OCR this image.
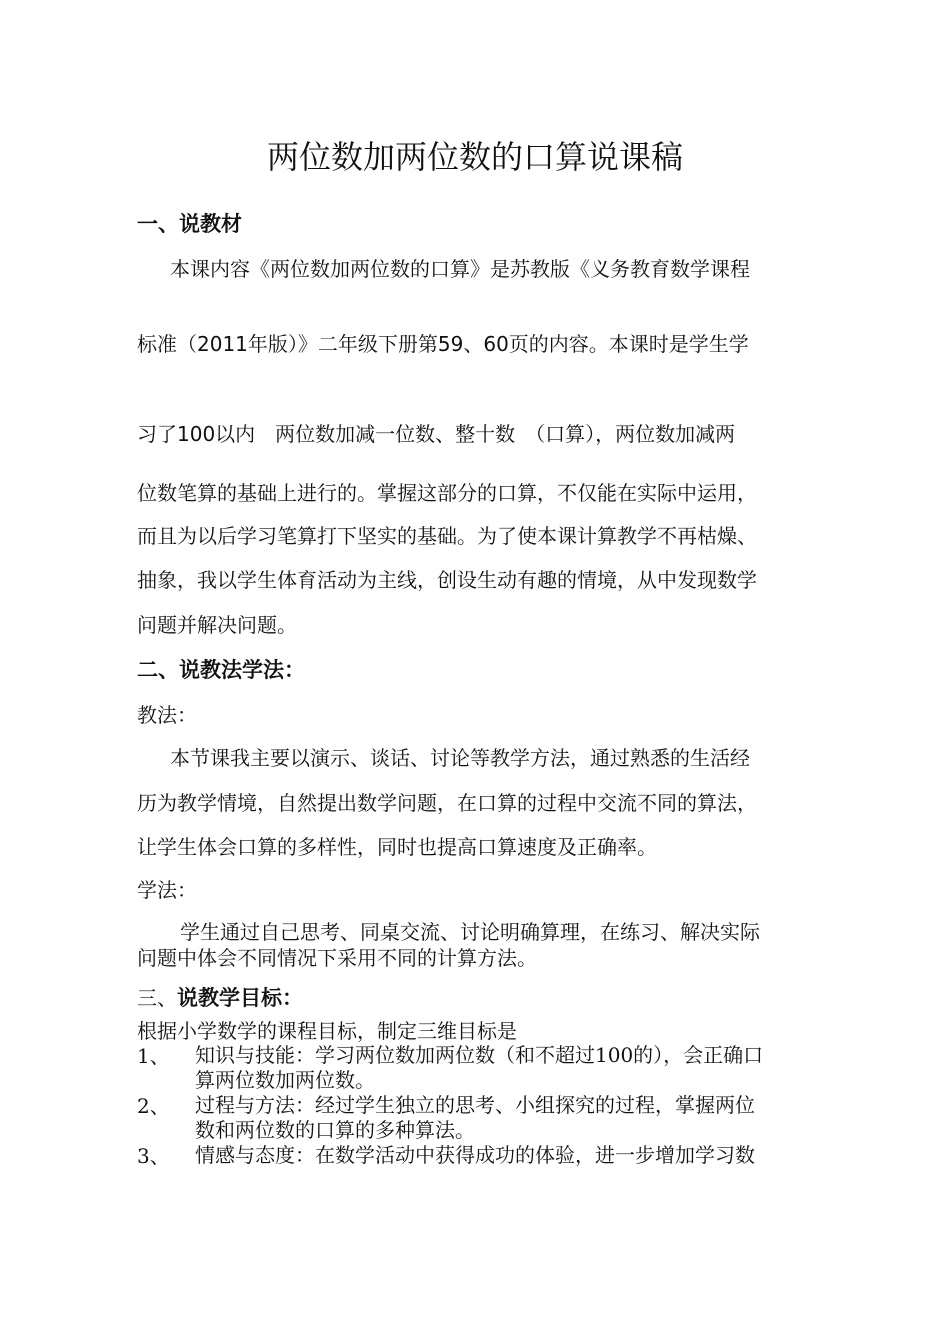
两位数加两位数的口算说课稿
一、说教材
本课内容《两位数加两位数的口算》是苏教版《义务教育数学课程
标准（2011年版）》二年级下册第59、60页的内容。本课时是学生学
习了100以内　两位数加减一位数、整十数　（口算），两位数加减两
位数笔算的基础上进行的。掌握这部分的口算，不仅能在实际中运用，
而且为以后学习笔算打下坚实的基础。为了使本课计算教学不再枯燥、
抽象，我以学生体育活动为主线，创设生动有趣的情境，从中发现数学
问题并解决问题。
二、说教法学法：
教法：
本节课我主要以演示、谈话、讨论等教学方法，通过熟悉的生活经
历为教学情境，自然提出数学问题，在口算的过程中交流不同的算法，
让学生体会口算的多样性，同时也提高口算速度及正确率。
学法：
学生通过自己思考、同桌交流、讨论明确算理，在练习、解决实际
问题中体会不同情况下采用不同的计算方法。
三、说教学目标：
根据小学数学的课程目标，制定三维目标是
1、 知识与技能：学习两位数加两位数（和不超过100的），会正确口
算两位数加两位数。
2、 过程与方法：经过学生独立的思考、小组探究的过程，掌握两位
数和两位数的口算的多种算法。
3、 情感与态度：在数学活动中获得成功的体验，进一步增加学习数
